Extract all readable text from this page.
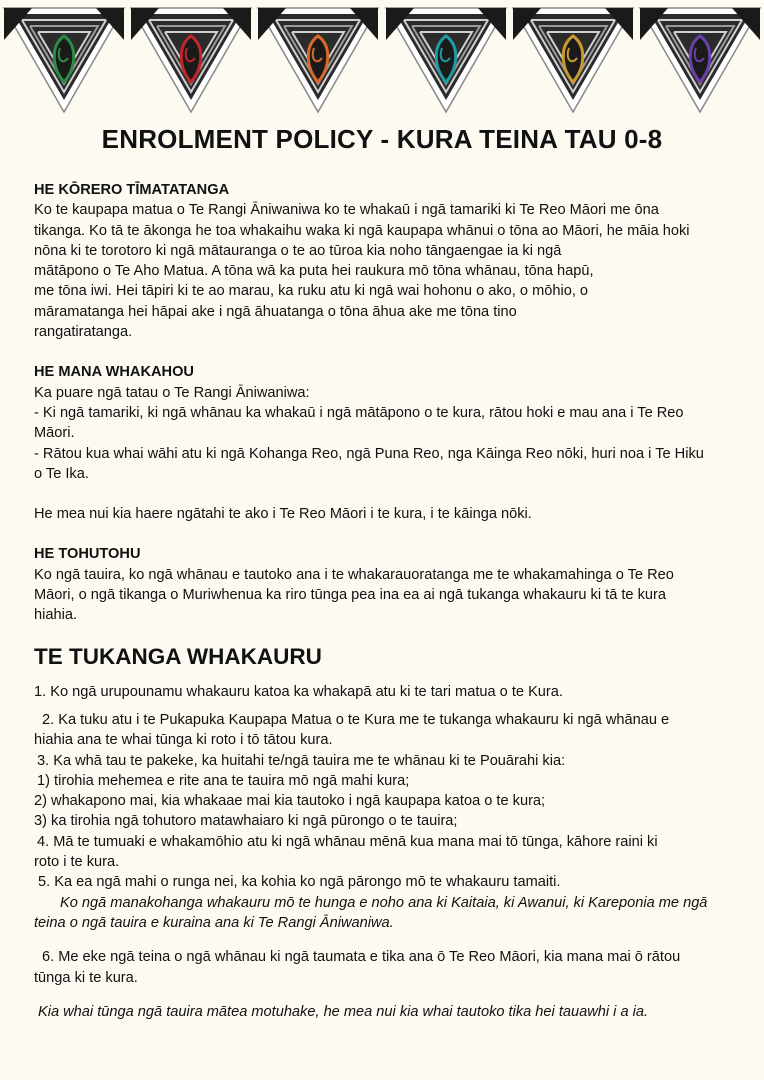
ENROLMENT POLICY - KURA TEINA TAU 0-8

HE KŌRERO TĪMATATANGA

Ko te kaupapa matua o Te Rangi Āniwaniwa ko te whakaū i ngā tamariki ki Te Reo Māori me ōna

tikanga. Ko tā te ākonga he toa whakaihu waka ki ngā kaupapa whānui o tōna ao Māori, he māia hoki

nōna ki te torotoro ki ngā mātauranga o te ao tūroa kia noho tāngaengae ia ki ngā

mātāpono o Te Aho Matua. A tōna wā ka puta hei raukura mō tōna whānau, tōna hapū,

me tōna iwi. Hei tāpiri ki te ao marau, ka ruku atu ki ngā wai hohonu o ako, o mōhio, o

māramatanga hei hāpai ake i ngā āhuatanga o tōna āhua ake me tōna tino

rangatiratanga.

HE MANA WHAKAHOU

Ka puare ngā tatau o Te Rangi Āniwaniwa:

- Ki ngā tamariki, ki ngā whānau ka whakaū i ngā mātāpono o te kura, rātou hoki e mau ana i Te Reo

Māori.

- Rātou kua whai wāhi atu ki ngā Kohanga Reo, ngā Puna Reo, nga Kāinga Reo nōki, huri noa i Te Hiku

o Te Ika.

He mea nui kia haere ngātahi te ako i Te Reo Māori i te kura, i te kāinga nōki.

HE TOHUTOHU

Ko ngā tauira, ko ngā whānau e tautoko ana i te whakarauoratanga me te whakamahinga o Te Reo

Māori, o ngā tikanga o Muriwhenua ka riro tūnga pea ina ea ai ngā tukanga whakauru ki tā te kura

hiahia.

TE TUKANGA WHAKAURU

1. Ko ngā urupounamu whakauru katoa ka whakapā atu ki te tari matua o te Kura.

2. Ka tuku atu i te Pukapuka Kaupapa Matua o te Kura me te tukanga whakauru ki ngā whānau e

hiahia ana te whai tūnga ki roto i tō tātou kura.

3. Ka whā tau te pakeke, ka huitahi te/ngā tauira me te whānau ki te Pouārahi kia:

1) tirohia mehemea e rite ana te tauira mō ngā mahi kura;

2) whakapono mai, kia whakaae mai kia tautoko i ngā kaupapa katoa o te kura;

3) ka tirohia ngā tohutoro matawhaiaro ki ngā pūrongo o te tauira;

4. Mā te tumuaki e whakamōhio atu ki ngā whānau mēnā kua mana mai tō tūnga, kāhore raini ki

roto i te kura.

5. Ka ea ngā mahi o runga nei, ka kohia ko ngā pārongo mō te whakauru tamaiti.

Ko ngā manakohanga whakauru mō te hunga e noho ana ki Kaitaia, ki Awanui, ki Kareponia me ngā

teina o ngā tauira e kuraina ana ki Te Rangi Āniwaniwa.

6. Me eke ngā teina o ngā whānau ki ngā taumata e tika ana ō Te Reo Māori, kia mana mai ō rātou

tūnga ki te kura.

Kia whai tūnga ngā tauira mātea motuhake, he mea nui kia whai tautoko tika hei tauawhi i a ia.
